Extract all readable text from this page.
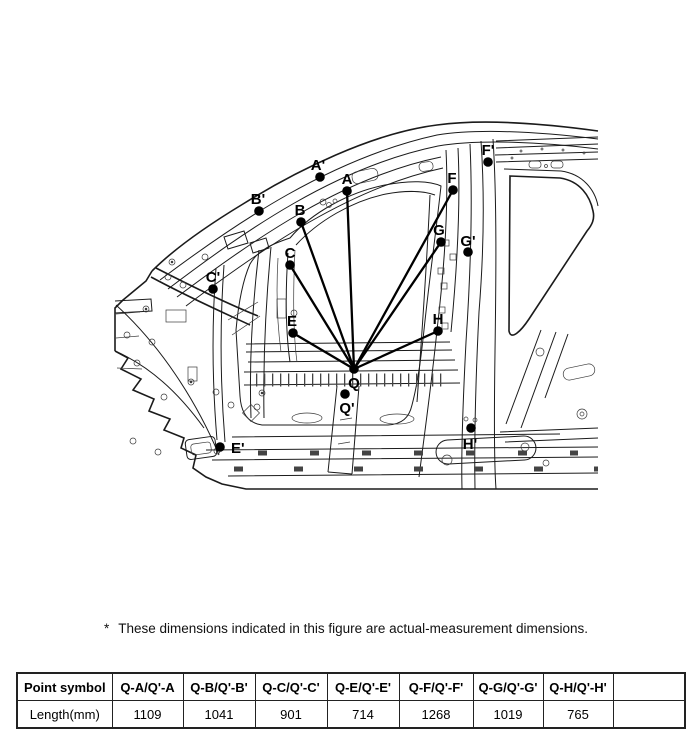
Q
A'
A
B'
B
C'
C
E
E'
F
F'
G
G'
H
H'
Q'
* These dimensions indicated in this figure are actual-measurement dimensions.
Point symbol	Q-A/Q'-A	Q-B/Q'-B'	Q-C/Q'-C'	Q-E/Q'-E'	Q-F/Q'-F'	Q-G/Q'-G'	Q-H/Q'-H'	
Length(mm)	1109	1041	901	714	1268	1019	765	
